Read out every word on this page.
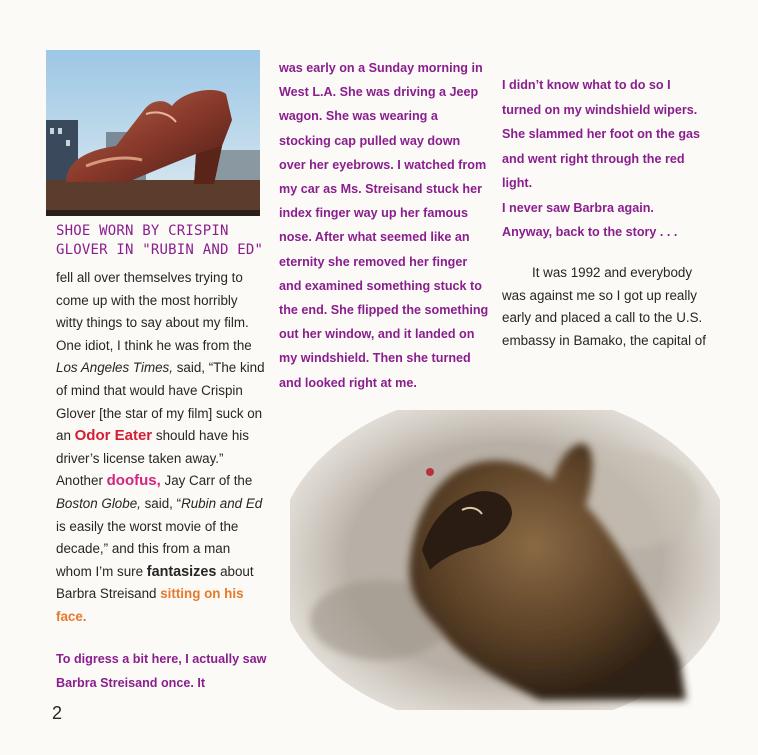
SHOE WORN BY CRISPIN
GLOVER IN "RUBIN AND ED"

fell all over themselves trying to come up with the most horribly witty things to say about my film. One idiot, I think he was from the Los Angeles Times, said, “The kind of mind that would have Crispin Glover [the star of my film] suck on an Odor Eater should have his driver’s license taken away.” Another doofus, Jay Carr of the Boston Globe, said, “Rubin and Ed is easily the worst movie of the decade,” and this from a man whom I’m sure fantasizes about Barbra Streisand sitting on his face.

To digress a bit here, I actually saw Barbra Streisand once. It

was early on a Sunday morning in West L.A. She was driving a Jeep wagon. She was wearing a stocking cap pulled way down over her eyebrows. I watched from my car as Ms. Streisand stuck her index finger way up her famous nose. After what seemed like an eternity she removed her finger and examined something stuck to the end. She flipped the something out her window, and it landed on my windshield. Then she turned and looked right at me.

I didn’t know what to do so I turned on my windshield wipers. She slammed her foot on the gas and went right through the red light.

I never saw Barbra again.

Anyway, back to the story . . .

It was 1992 and everybody was against me so I got up really early and placed a call to the U.S. embassy in Bamako, the capital of

2
